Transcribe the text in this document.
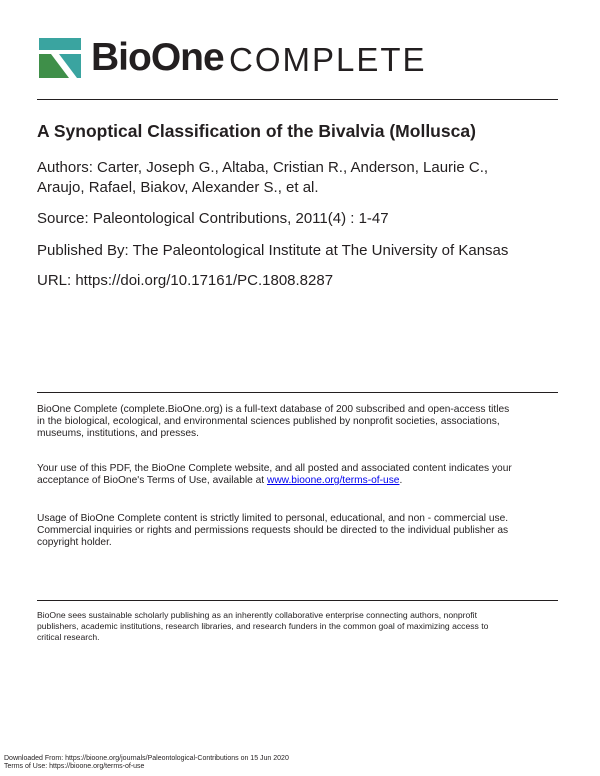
BioOne COMPLETE
A Synoptical Classification of the Bivalvia (Mollusca)
Authors: Carter, Joseph G., Altaba, Cristian R., Anderson, Laurie C.,
Araujo, Rafael, Biakov, Alexander S., et al.
Source: Paleontological Contributions, 2011(4) : 1-47
Published By: The Paleontological Institute at The University of Kansas
URL: https://doi.org/10.17161/PC.1808.8287
BioOne Complete (complete.BioOne.org) is a full-text database of 200 subscribed and open-access titles
in the biological, ecological, and environmental sciences published by nonprofit societies, associations,
museums, institutions, and presses.
Your use of this PDF, the BioOne Complete website, and all posted and associated content indicates your
acceptance of BioOne's Terms of Use, available at www.bioone.org/terms-of-use.
Usage of BioOne Complete content is strictly limited to personal, educational, and non - commercial use.
Commercial inquiries or rights and permissions requests should be directed to the individual publisher as
copyright holder.
BioOne sees sustainable scholarly publishing as an inherently collaborative enterprise connecting authors, nonprofit
publishers, academic institutions, research libraries, and research funders in the common goal of maximizing access to
critical research.
Downloaded From: https://bioone.org/journals/Paleontological-Contributions on 15 Jun 2020
Terms of Use: https://bioone.org/terms-of-use
